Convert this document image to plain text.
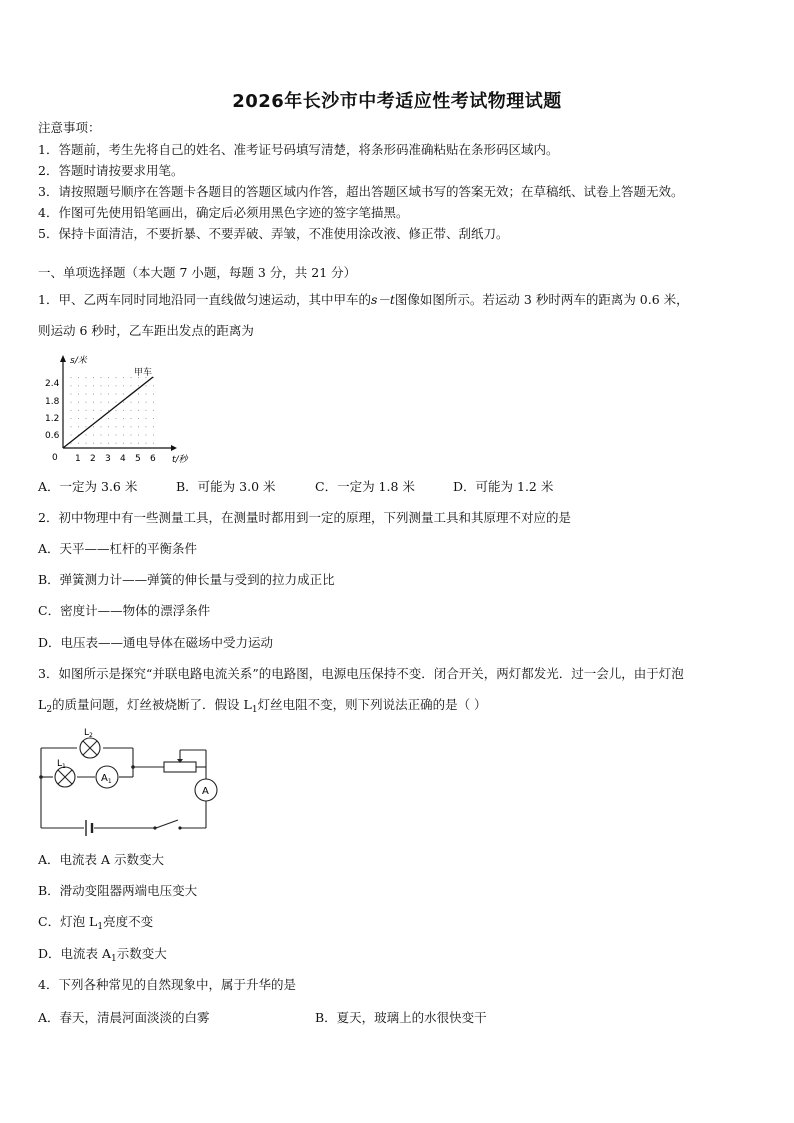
2026年长沙市中考适应性考试物理试题
注意事项：
1．答题前，考生先将自己的姓名、准考证号码填写清楚，将条形码准确粘贴在条形码区域内。
2．答题时请按要求用笔。
3．请按照题号顺序在答题卡各题目的答题区域内作答，超出答题区域书写的答案无效；在草稿纸、试卷上答题无效。
4．作图可先使用铅笔画出，确定后必须用黑色字迹的签字笔描黑。
5．保持卡面清洁，不要折暴、不要弄破、弄皱，不准使用涂改液、修正带、刮纸刀。
一、单项选择题（本大题 7 小题，每题 3 分，共 21 分）
1．甲、乙两车同时同地沿同一直线做匀速运动，其中甲车的s－t图像如图所示。若运动 3 秒时两车的距离为 0.6 米，
则运动 6 秒时，乙车距出发点的距离为
s/米
甲车
0
2.4
1.8
1.2
0.6
1 2 3 4 5 6 t/秒
A．一定为 3.6 米	B．可能为 3.0 米	C．一定为 1.8 米	D．可能为 1.2 米
2．初中物理中有一些测量工具，在测量时都用到一定的原理，下列测量工具和其原理不对应的是
A．天平——杠杆的平衡条件
B．弹簧测力计——弹簧的伸长量与受到的拉力成正比
C．密度计——物体的漂浮条件
D．电压表——通电导体在磁场中受力运动
3．如图所示是探究“并联电路电流关系”的电路图，电源电压保持不变．闭合开关，两灯都发光．过一会儿，由于灯泡
$L_2$的质量问题，灯丝被烧断了．假设 $L_1$灯丝电阻不变，则下列说法正确的是（ ）
$L_2$
$L_1$
$A_1$
A
A．电流表 A 示数变大
B．滑动变阻器两端电压变大
C．灯泡 $L_1$亮度不变
D．电流表 $A_1$示数变大
4．下列各种常见的自然现象中，属于升华的是
A．春天，清晨河面淡淡的白雾	B．夏天，玻璃上的水很快变干
